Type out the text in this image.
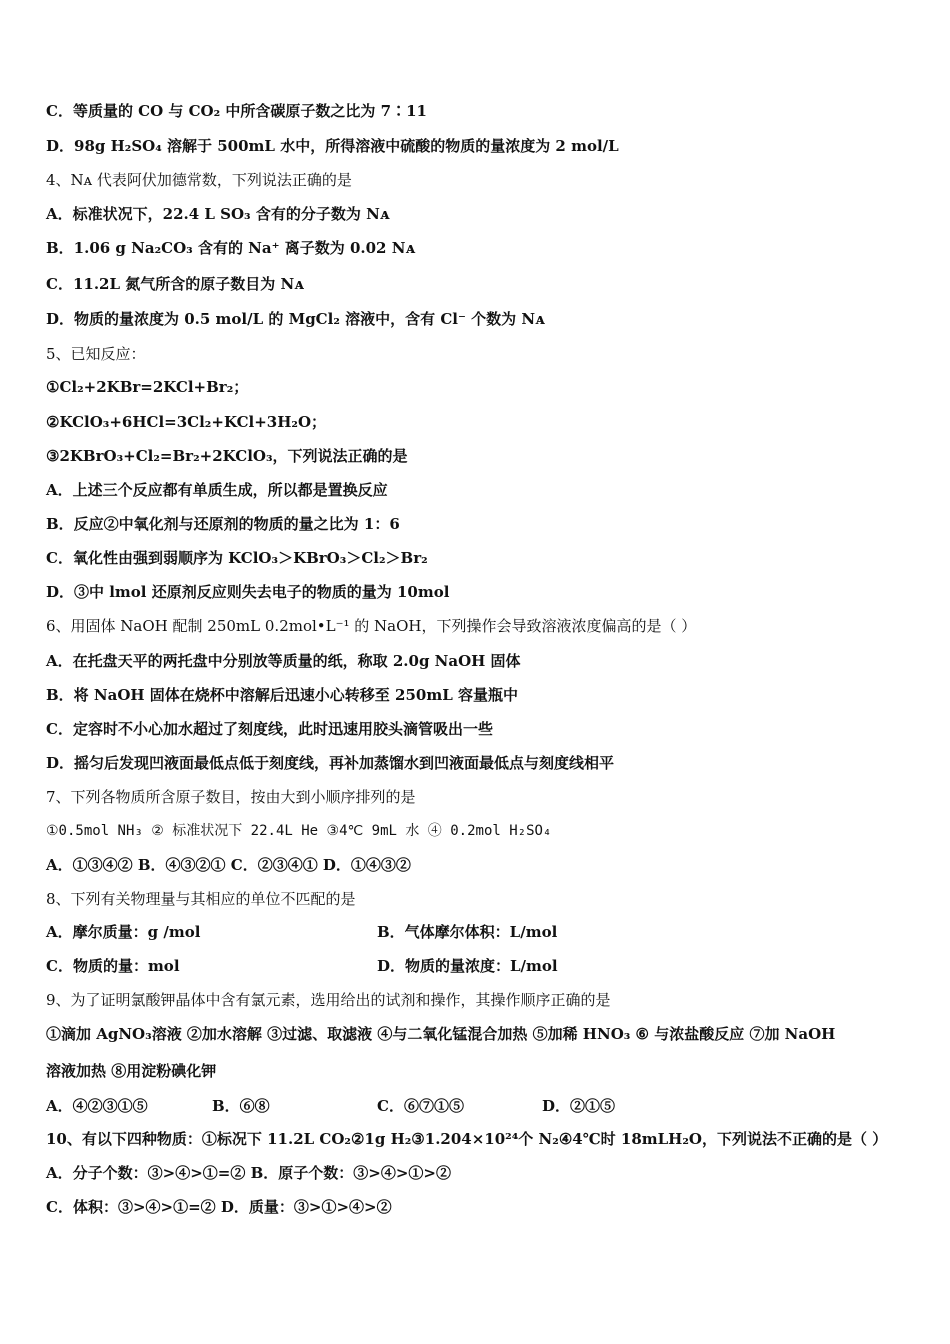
C．等质量的 CO 与 CO₂ 中所含碳原子数之比为 7∶11
D．98g H₂SO₄ 溶解于 500mL 水中，所得溶液中硫酸的物质的量浓度为 2 mol/L
4、Nᴀ 代表阿伏加德常数，下列说法正确的是
A．标准状况下，22.4 L SO₃ 含有的分子数为 Nᴀ
B．1.06 g Na₂CO₃ 含有的 Na⁺ 离子数为 0.02 Nᴀ
C．11.2L 氮气所含的原子数目为 Nᴀ
D．物质的量浓度为 0.5 mol/L 的 MgCl₂ 溶液中，含有 Cl⁻ 个数为 Nᴀ
5、已知反应：
①Cl₂+2KBr=2KCl+Br₂；
②KClO₃+6HCl=3Cl₂+KCl+3H₂O；
③2KBrO₃+Cl₂=Br₂+2KClO₃，下列说法正确的是
A．上述三个反应都有单质生成，所以都是置换反应
B．反应②中氧化剂与还原剂的物质的量之比为 1：6
C．氧化性由强到弱顺序为 KClO₃＞KBrO₃＞Cl₂＞Br₂
D．③中 lmol 还原剂反应则失去电子的物质的量为 10mol
6、用固体 NaOH 配制 250mL 0.2mol•L⁻¹ 的 NaOH，下列操作会导致溶液浓度偏高的是（ ）
A．在托盘天平的两托盘中分别放等质量的纸，称取 2.0g NaOH 固体
B．将 NaOH 固体在烧杯中溶解后迅速小心转移至 250mL 容量瓶中
C．定容时不小心加水超过了刻度线，此时迅速用胶头滴管吸出一些
D．摇匀后发现凹液面最低点低于刻度线，再补加蒸馏水到凹液面最低点与刻度线相平
7、下列各物质所含原子数目，按由大到小顺序排列的是
①0.5mol NH₃ ② 标准状况下 22.4L He ③4℃ 9mL 水 ④ 0.2mol H₂SO₄
A．①③④② B．④③②① C．②③④① D．①④③②
8、下列有关物理量与其相应的单位不匹配的是
A．摩尔质量：g /mol	B．气体摩尔体积：L/mol
C．物质的量：mol	D．物质的量浓度：L/mol
9、为了证明氯酸钾晶体中含有氯元素，选用给出的试剂和操作，其操作顺序正确的是
①滴加 AgNO₃溶液 ②加水溶解 ③过滤、取滤液 ④与二氧化锰混合加热 ⑤加稀 HNO₃ ⑥ 与浓盐酸反应 ⑦加 NaOH
溶液加热 ⑧用淀粉碘化钾
A．④②③①⑤	B．⑥⑧	C．⑥⑦①⑤	D．②①⑤
10、有以下四种物质：①标况下 11.2L CO₂②1g H₂③1.204×10²⁴个 N₂④4℃时 18mLH₂O，下列说法不正确的是（ ）
A．分子个数：③>④>①=② B．原子个数：③>④>①>②
C．体积：③>④>①=② D．质量：③>①>④>②
